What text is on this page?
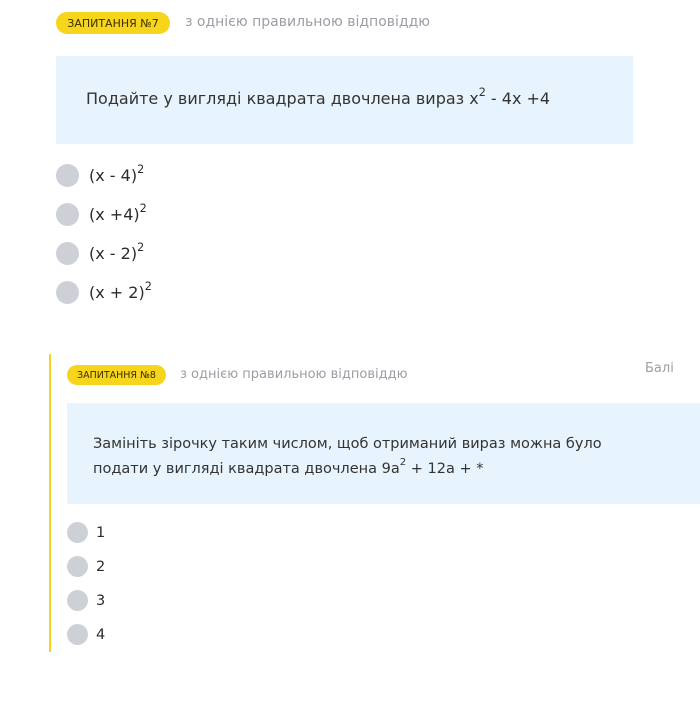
ЗАПИТАННЯ №7 з однією правильною відповіддю
Подайте у вигляді квадрата двочлена вираз $x^2 - 4x +4$
(x - 4)$^2$
$(x +4)^2$
(x - 2)$^2$
$(x + 2)^2$
ЗАПИТАННЯ №8 з однією правильною відповіддю	Балі
Замініть зірочку таким числом, щоб отриманий вираз можна було
подати у вигляді квадрата двочлена $9a^2 + 12a$ + *
1
2
3
4
